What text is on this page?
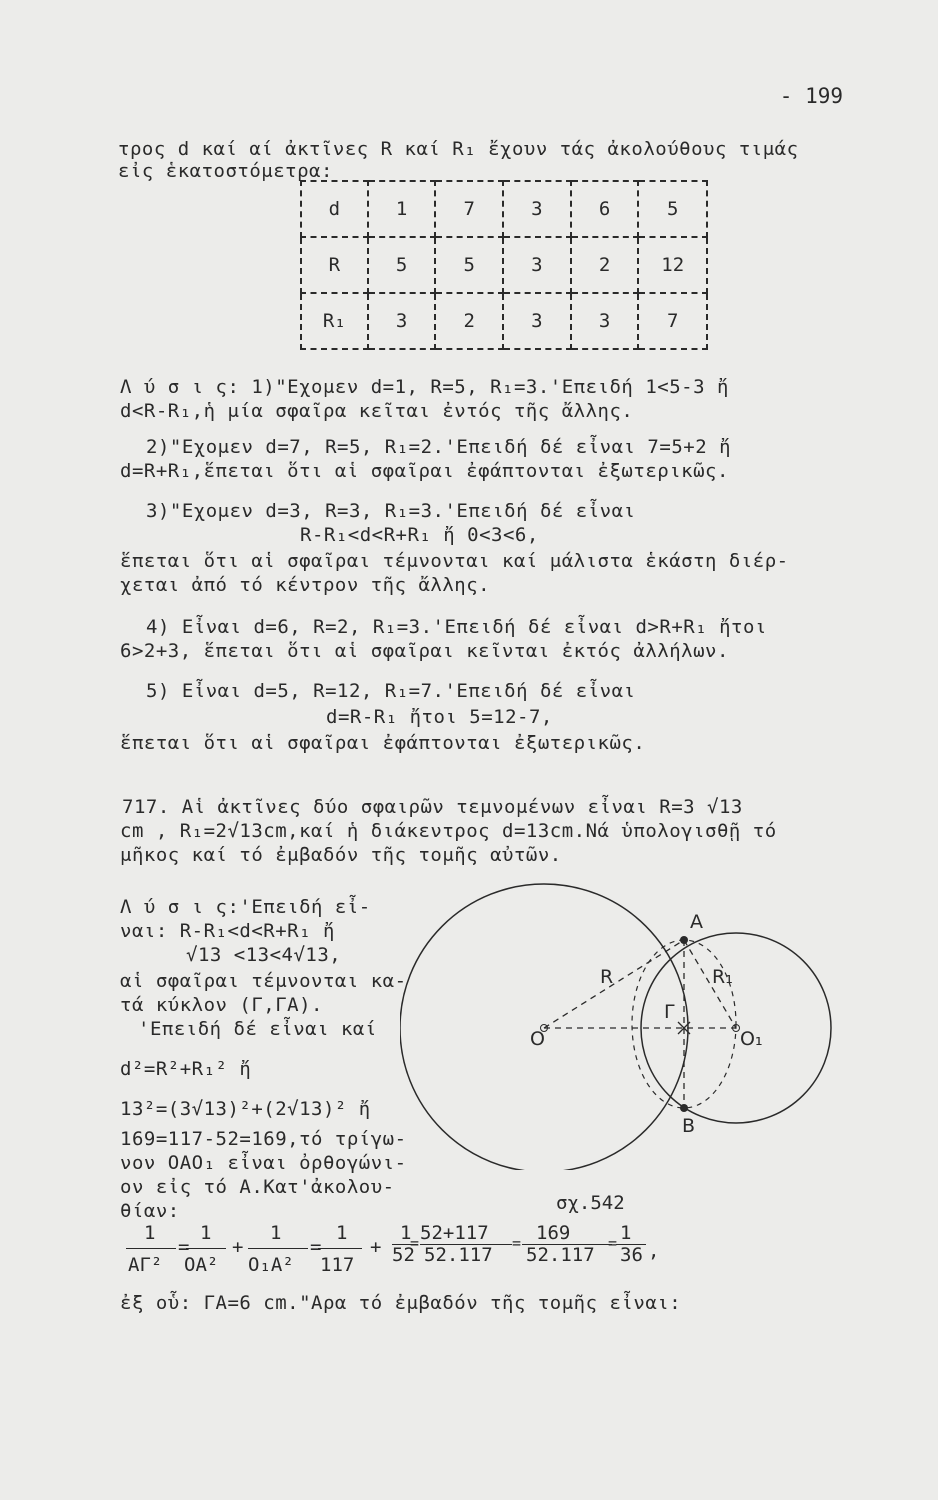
- 199
τρος d καί αί ἀκτῖνες R καί R₁ ἔχουν τάς ἀκολούθους τιμάς
εἰς ἑκατοστόμετρα:
d	1	7	3	6	5
R	5	5	3	2	12
R₁	3	2	3	3	7
Λ ύ σ ι ς: 1)"Εχομεν d=1, R=5, R₁=3.'Επειδή 1<5-3 ἤ
d<R-R₁,ἡ μία σφαῖρα κεῖται ἐντός τῆς ἄλλης.
2)"Εχομεν d=7, R=5, R₁=2.'Επειδή δέ εἶναι 7=5+2 ἤ
d=R+R₁,ἕπεται ὅτι αἱ σφαῖραι ἐφάπτονται ἐξωτερικῶς.
3)"Εχομεν d=3, R=3, R₁=3.'Επειδή δέ εἶναι
R-R₁<d<R+R₁ ἤ 0<3<6,
ἕπεται ὅτι αἱ σφαῖραι τέμνονται καί μάλιστα ἑκάστη διέρ-
χεται ἀπό τό κέντρον τῆς ἄλλης.
4) Εἶναι d=6, R=2, R₁=3.'Επειδή δέ εἶναι d>R+R₁ ἤτοι
6>2+3, ἕπεται ὅτι αἱ σφαῖραι κεῖνται ἐκτός ἀλλήλων.
5) Εἶναι d=5, R=12, R₁=7.'Επειδή δέ εἶναι
d=R-R₁ ἤτοι 5=12-7,
ἕπεται ὅτι αἱ σφαῖραι ἐφάπτονται ἐξωτερικῶς.
717. Αἱ ἀκτῖνες δύο σφαιρῶν τεμνομένων εἶναι R=3 √13
cm , R₁=2√13cm,καί ἡ διάκεντρος d=13cm.Νά ὑπολογισθῇ τό
μῆκος καί τό ἐμβαδόν τῆς τομῆς αὐτῶν.
Λ ύ σ ι ς:'Επειδή εἶ-
ναι: R-R₁<d<R+R₁ ἤ
√13 <13<4√13,
αἱ σφαῖραι τέμνονται κα-
τά κύκλον (Γ,ΓΑ).
'Επειδή δέ εἶναι καί
d²=R²+R₁² ἤ
13²=(3√13)²+(2√13)² ἤ
169=117-52=169,τό τρίγω-
νον ΟΑΟ₁ εἶναι ὀρθογώνι-
ον εἰς τό Α.Κατ'ἀκολου-
θίαν:
A
B
R	R₁
Γ
O	O₁
σχ.542
1 1	1	1	1 52+117 169	1
= +	=	+ =	=	= ,
ΑΓ² ΟΑ² Ο₁Α² 117 52 52.117 52.117 36
ἐξ οὗ: ΓΑ=6 cm."Αρα τό ἐμβαδόν τῆς τομῆς εἶναι:
